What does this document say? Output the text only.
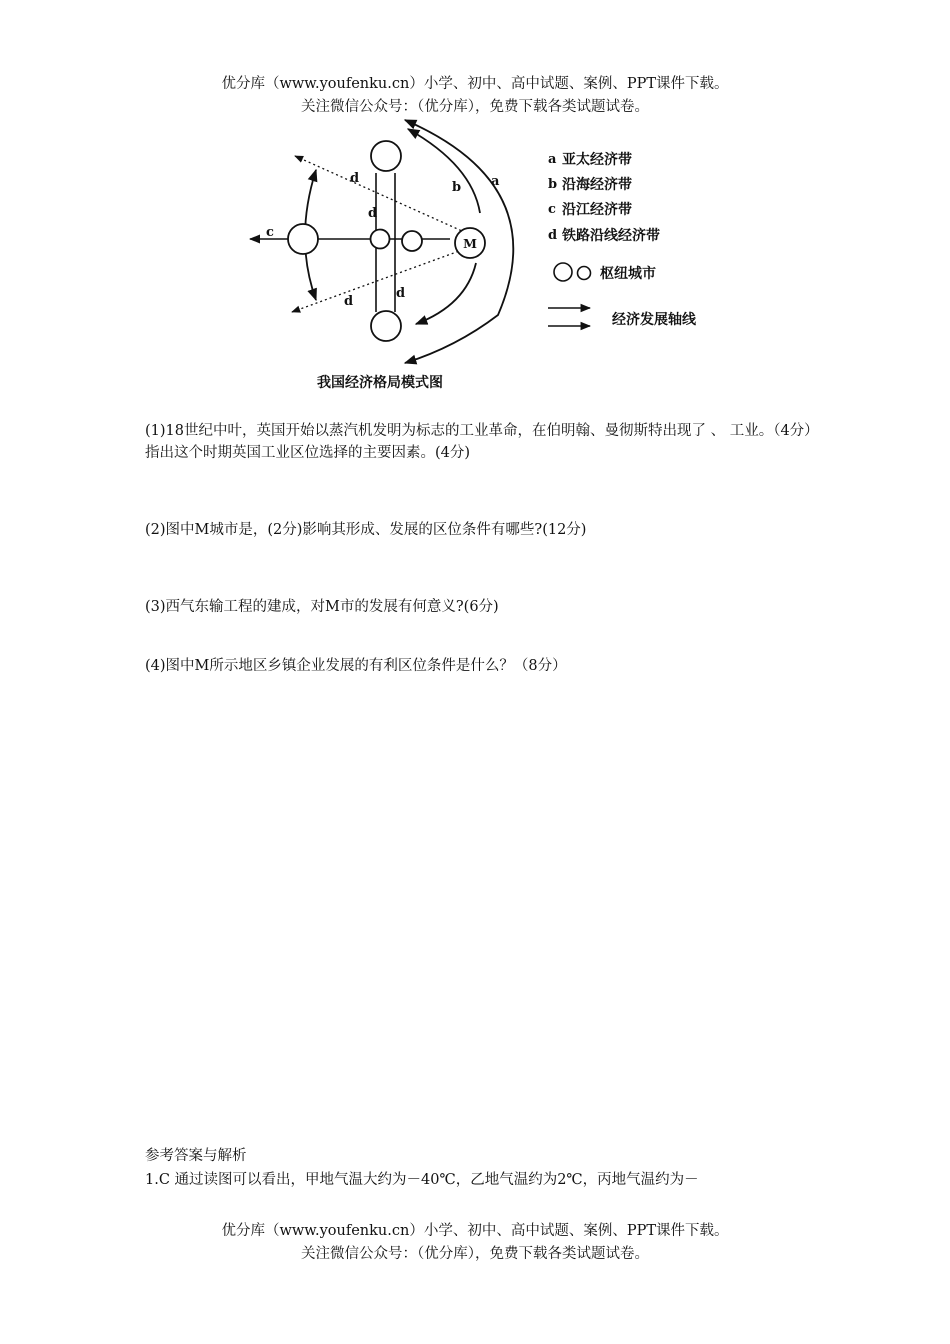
优分库（www.youfenku.cn）小学、初中、高中试题、案例、PPT课件下载。
关注微信公众号：（优分库），免费下载各类试题试卷。
M
a
b
c
d
d
d
d
a 亚太经济带
b 沿海经济带
c 沿江经济带
d 铁路沿线经济带
枢纽城市
经济发展轴线
我国经济格局模式图
(1)18世纪中叶，英国开始以蒸汽机发明为标志的工业革命，在伯明翰、曼彻斯特出现了 、 工业。（4分）指出这个时期英国工业区位选择的主要因素。(4分)
(2)图中M城市是，(2分)影响其形成、发展的区位条件有哪些?(12分)
(3)西气东输工程的建成，对M市的发展有何意义?(6分)
(4)图中M所示地区乡镇企业发展的有利区位条件是什么？（8分）
参考答案与解析
1.C 通过读图可以看出，甲地气温大约为－40℃，乙地气温约为2℃，丙地气温约为－
优分库（www.youfenku.cn）小学、初中、高中试题、案例、PPT课件下载。
关注微信公众号：（优分库），免费下载各类试题试卷。
